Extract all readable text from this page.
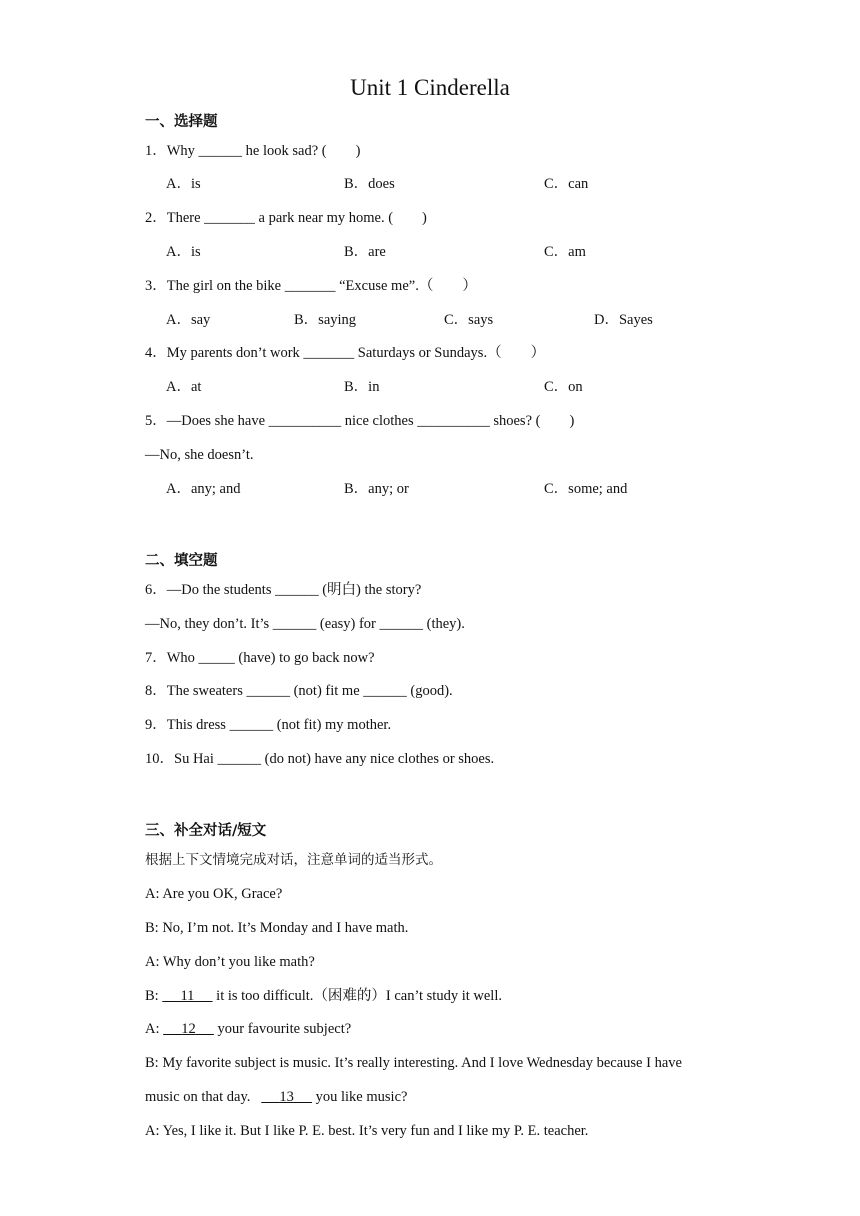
Unit 1 Cinderella
一、选择题
1．Why ______ he look sad? (　　)
A．is	B．does	C．can
2．There _______ a park near my home. (　　)
A．is	B．are	C．am
3．The girl on the bike _______ “Excuse me”.（　　）
A．say	B．saying	C．says	D．Sayes
4．My parents don’t work _______ Saturdays or Sundays.（　　）
A．at	B．in	C．on
5．—Does she have __________ nice clothes __________ shoes? (　　)
—No, she doesn’t.
A．any; and	B．any; or	C．some; and
二、填空题
6．—Do the students ______ (明白) the story?
—No, they don’t. It’s ______ (easy) for ______ (they).
7．Who _____ (have) to go back now?
8．The sweaters ______ (not) fit me ______ (good).
9．This dress ______ (not fit) my mother.
10．Su Hai ______ (do not) have any nice clothes or shoes.
三、补全对话/短文
根据上下文情境完成对话，注意单词的适当形式。
A: Are you OK, Grace?
B: No, I’m not. It’s Monday and I have math.
A: Why don’t you like math?
B:      11      it is too difficult.（困难的）I can’t study it well.
A:      12      your favourite subject?
B: My favorite subject is music. It’s really interesting. And I love Wednesday because I have
music on that day.        13      you like music?
A: Yes, I like it. But I like P. E. best. It’s very fun and I like my P. E. teacher.
